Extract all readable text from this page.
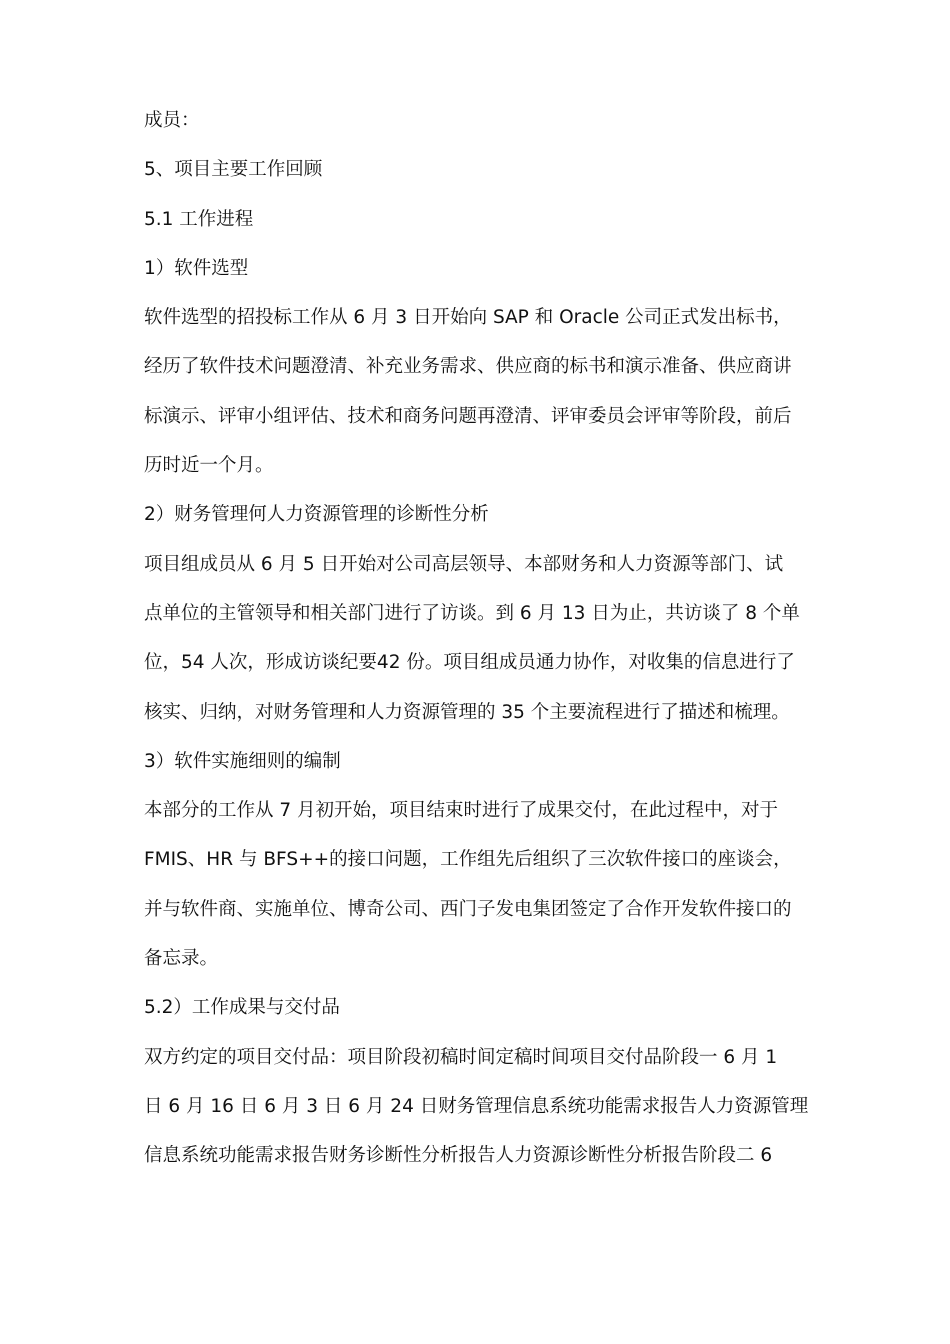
成员：
5、项目主要工作回顾
5.1 工作进程
1）软件选型
软件选型的招投标工作从 6 月 3 日开始向 SAP 和 Oracle 公司正式发出标书，
经历了软件技术问题澄清、补充业务需求、供应商的标书和演示准备、供应商讲
标演示、评审小组评估、技术和商务问题再澄清、评审委员会评审等阶段，前后
历时近一个月。
2）财务管理何人力资源管理的诊断性分析
项目组成员从 6 月 5 日开始对公司高层领导、本部财务和人力资源等部门、试
点单位的主管领导和相关部门进行了访谈。到 6 月 13 日为止，共访谈了 8 个单
位，54 人次，形成访谈纪要42 份。项目组成员通力协作，对收集的信息进行了
核实、归纳，对财务管理和人力资源管理的 35 个主要流程进行了描述和梳理。
3）软件实施细则的编制
本部分的工作从 7 月初开始，项目结束时进行了成果交付，在此过程中，对于
FMIS、HR 与 BFS++的接口问题，工作组先后组织了三次软件接口的座谈会，
并与软件商、实施单位、博奇公司、西门子发电集团签定了合作开发软件接口的
备忘录。
5.2）工作成果与交付品
双方约定的项目交付品：项目阶段初稿时间定稿时间项目交付品阶段一 6 月 1
日 6 月 16 日 6 月 3 日 6 月 24 日财务管理信息系统功能需求报告人力资源管理
信息系统功能需求报告财务诊断性分析报告人力资源诊断性分析报告阶段二 6
